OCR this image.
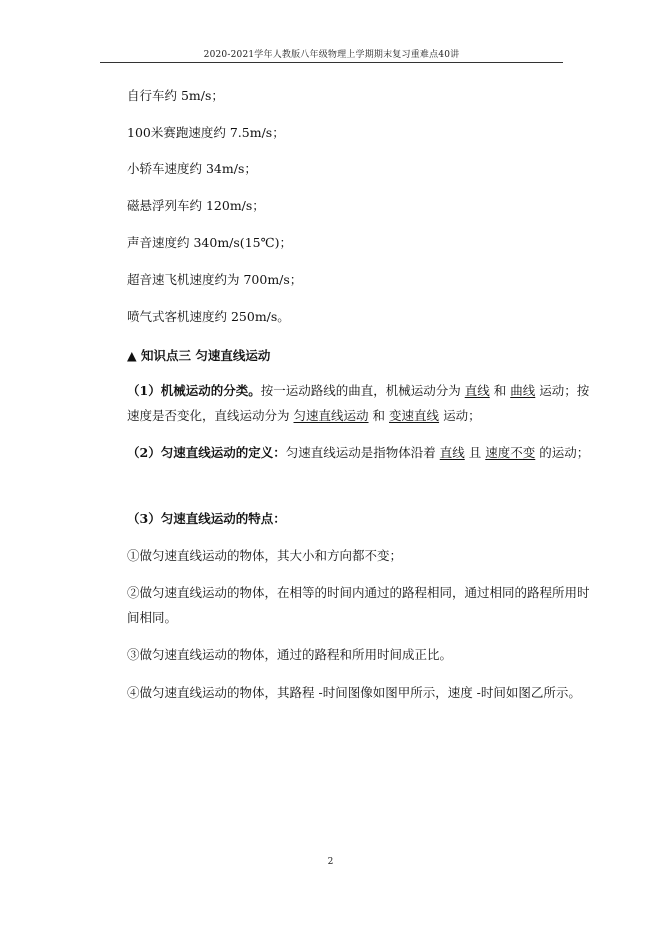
2020-2021学年人教版八年级物理上学期期末复习重难点40讲
自行车约 5m/s；
100米赛跑速度约 7.5m/s；
小轿车速度约 34m/s；
磁悬浮列车约 120m/s；
声音速度约 340m/s(15℃)；
超音速飞机速度约为 700m/s；
喷气式客机速度约 250m/s。
▲ 知识点三 匀速直线运动
（1）机械运动的分类。按一运动路线的曲直，机械运动分为 直线 和 曲线 运动；按速度是否变化，直线运动分为 匀速直线运动 和 变速直线 运动；
（2）匀速直线运动的定义：匀速直线运动是指物体沿着 直线 且 速度不变 的运动；
（3）匀速直线运动的特点：
①做匀速直线运动的物体，其大小和方向都不变；
②做匀速直线运动的物体，在相等的时间内通过的路程相同，通过相同的路程所用时间相同。
③做匀速直线运动的物体，通过的路程和所用时间成正比。
④做匀速直线运动的物体，其路程 -时间图像如图甲所示，速度 -时间如图乙所示。
2
